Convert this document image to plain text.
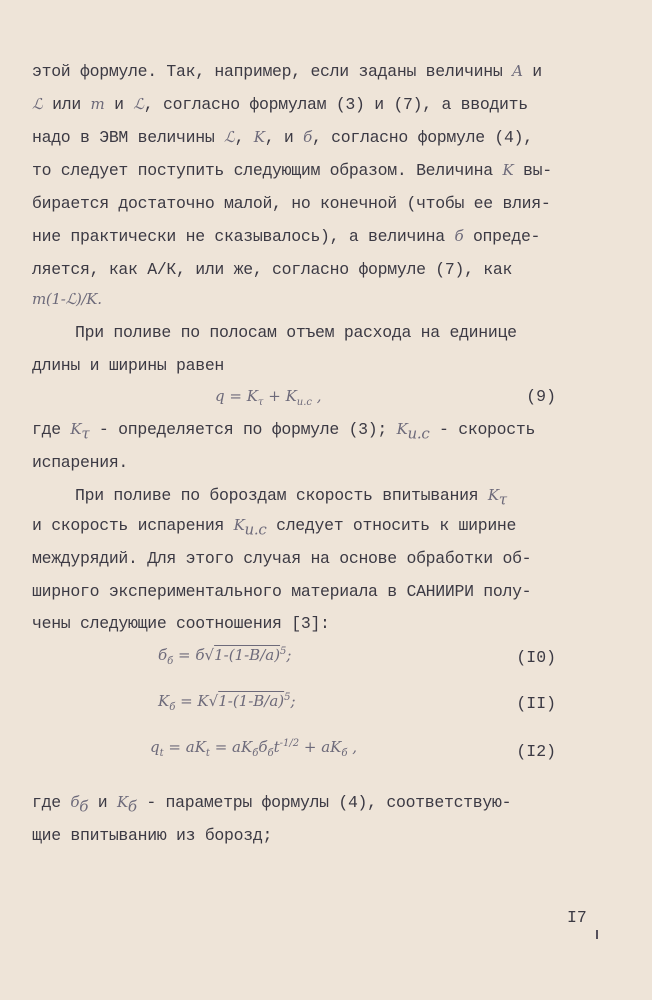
этой формуле. Так, например, если заданы величины A и
ℒ или m и ℒ, согласно формулам (3) и (7), а вводить
надо в ЭВМ величины ℒ, K, и б, согласно формуле (4),
то следует поступить следующим образом. Величина K вы-
бирается достаточно малой, но конечной (чтобы ее влия-
ние практически не сказывалось), а величина б опреде-
ляется, как А/К, или же, согласно формуле (7), как
m(1-ℒ)/K.
При поливе по полосам отъем расхода на единице
длины и ширины равен
$q = K_\tau + K_{и.с}$ ,	(9)
где $K_\tau$ - определяется по формуле (3); $K_{и.с}$ - скорость
испарения.
При поливе по бороздам скорость впитывания $K_\tau$
и скорость испарения $K_{и.с}$ следует относить к ширине
междурядий. Для этого случая на основе обработки об-
ширного экспериментального материала в САНИИРИ полу-
чены следующие соотношения [3]:
$б_б = б√1-(1-B/a)^5$;	(I0)
$K_б = K√1-(1-B/a)^5$;	(II)
$q_t = aK_t = aK_бб_бt^{-1/2} + aK_б$ ,	(I2)
где $б_б$ и $K_б$ - параметры формулы (4), соответствую-
щие впитыванию из борозд;
I7
